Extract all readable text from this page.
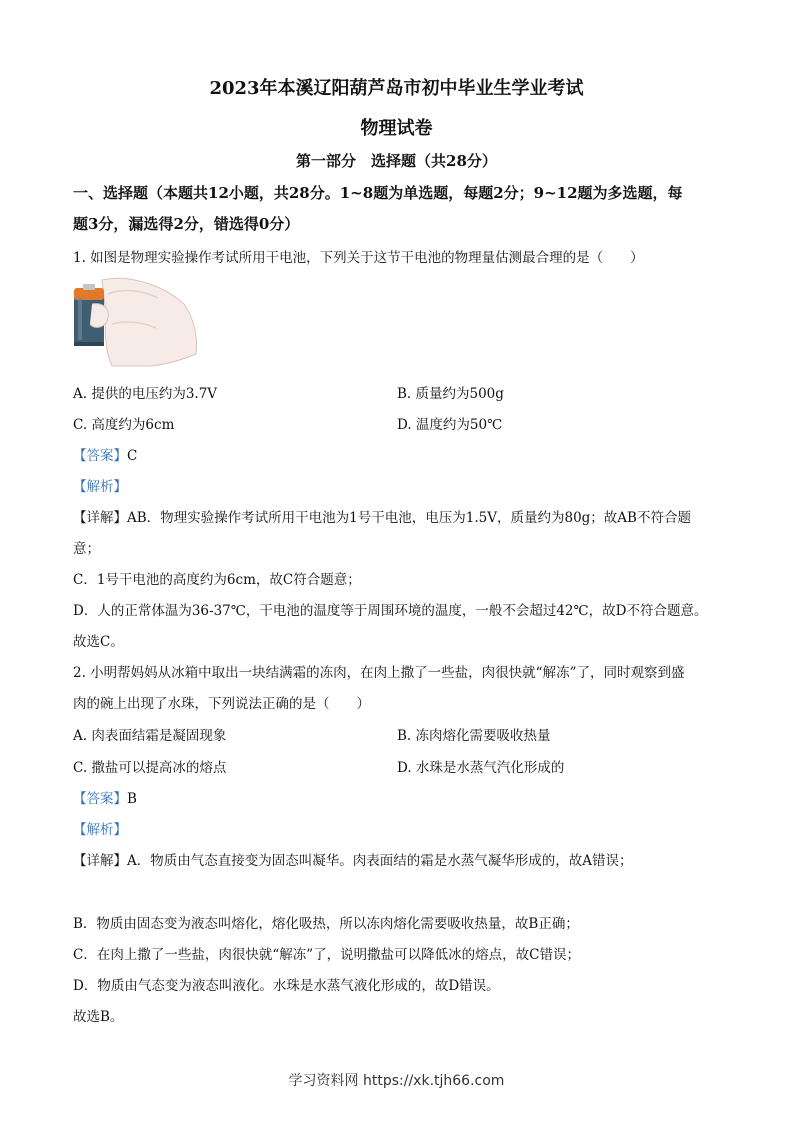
2023年本溪辽阳葫芦岛市初中毕业生学业考试
物理试卷
第一部分　选择题（共28分）
一、选择题（本题共12小题，共28分。1~8题为单选题，每题2分；9~12题为多选题，每
题3分，漏选得2分，错选得0分）
1. 如图是物理实验操作考试所用干电池，下列关于这节干电池的物理量估测最合理的是（　　）
A. 提供的电压约为3.7V	B. 质量约为500g
C. 高度约为6cm	D. 温度约为50℃
【答案】C
【解析】
【详解】AB．物理实验操作考试所用干电池为1号干电池，电压为1.5V，质量约为80g；故AB不符合题
意；
C．1号干电池的高度约为6cm，故C符合题意；
D．人的正常体温为36-37℃，干电池的温度等于周围环境的温度，一般不会超过42℃，故D不符合题意。
故选C。
2. 小明帮妈妈从冰箱中取出一块结满霜的冻肉，在肉上撒了一些盐，肉很快就“解冻”了，同时观察到盛
肉的碗上出现了水珠，下列说法正确的是（　　）
A. 肉表面结霜是凝固现象	B. 冻肉熔化需要吸收热量
C. 撒盐可以提高冰的熔点	D. 水珠是水蒸气汽化形成的
【答案】B
【解析】
【详解】A．物质由气态直接变为固态叫凝华。肉表面结的霜是水蒸气凝华形成的，故A错误；
B．物质由固态变为液态叫熔化，熔化吸热，所以冻肉熔化需要吸收热量，故B正确；
C．在肉上撒了一些盐，肉很快就“解冻”了，说明撒盐可以降低冰的熔点，故C错误；
D．物质由气态变为液态叫液化。水珠是水蒸气液化形成的，故D错误。
故选B。
学习资料网 https://xk.tjh66.com
